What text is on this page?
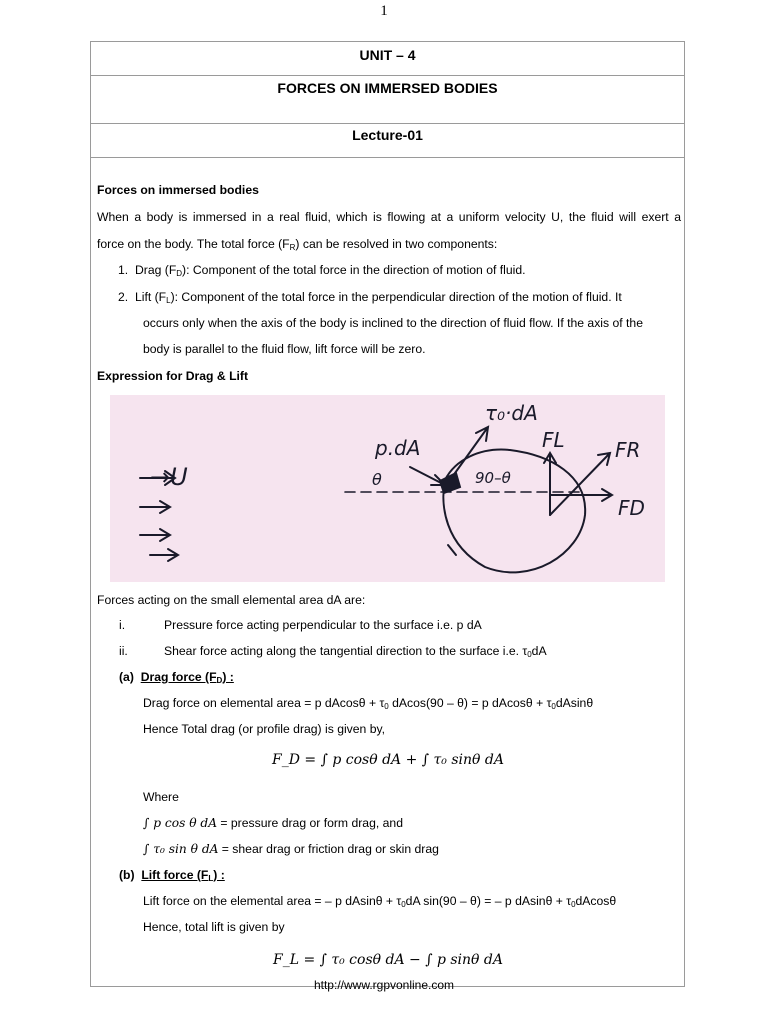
1
UNIT – 4
FORCES ON IMMERSED BODIES
Lecture-01
Forces on immersed bodies
When a body is immersed in a real fluid, which is flowing at a uniform velocity U, the fluid will exert a
force on the body. The total force $(F_R)$ can be resolved in two components:
1. Drag $(F_D)$: Component of the total force in the direction of motion of fluid.
2. Lift $(F_L)$: Component of the total force in the perpendicular direction of the motion of fluid. It
occurs only when the axis of the body is inclined to the direction of fluid flow. If the axis of the
body is parallel to the fluid flow, lift force will be zero.
Expression for Drag & Lift
Forces acting on the small elemental area dA are:
i.	Pressure force acting perpendicular to the surface i.e. p dA
ii.	Shear force acting along the tangential direction to the surface i.e. $\tau_0dA$
(a) Drag force $(F_D)$ :
Drag force on elemental area = p $dAcos\theta + \tau_0$ dAcos(90 – θ) = p $dAcos\theta + \tau_0dAsin\theta$
Hence Total drag (or profile drag) is given by,
F_D = ∫ p cosθ dA + ∫ τ₀ sinθ dA
Where
∫ p cos θ dA = pressure drag or form drag, and
∫ τ₀ sin θ dA = shear drag or friction drag or skin drag
(b) Lift force $(F_L)$ :
Lift force on the elemental area = – p $dAsin\theta + \tau_0dA$ sin(90 – θ) = – p $dAsin\theta + \tau_0dAcos\theta$
Hence, total lift is given by
F_L = ∫ τ₀ cosθ dA − ∫ p sinθ dA
τ₀·dA
p.dA
θ	90–θ
→U
FL	FR
FD
http://www.rgpvonline.com
